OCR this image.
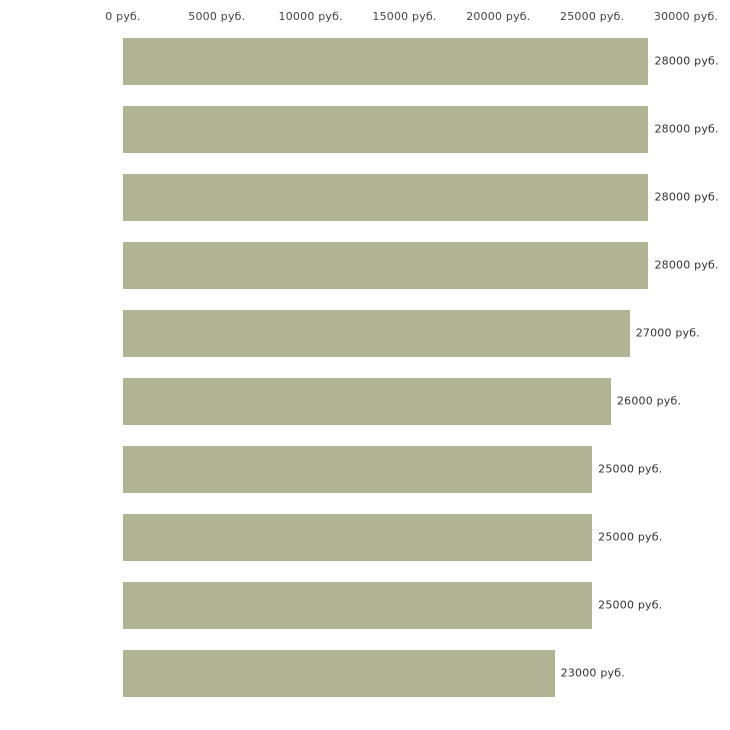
0 руб.	5000 руб.	10000 руб.	15000 руб.	20000 руб.	25000 руб.	30000 руб.
28000 руб.
28000 руб.
28000 руб.
28000 руб.
27000 руб.
26000 руб.
25000 руб.
25000 руб.
25000 руб.
23000 руб.
